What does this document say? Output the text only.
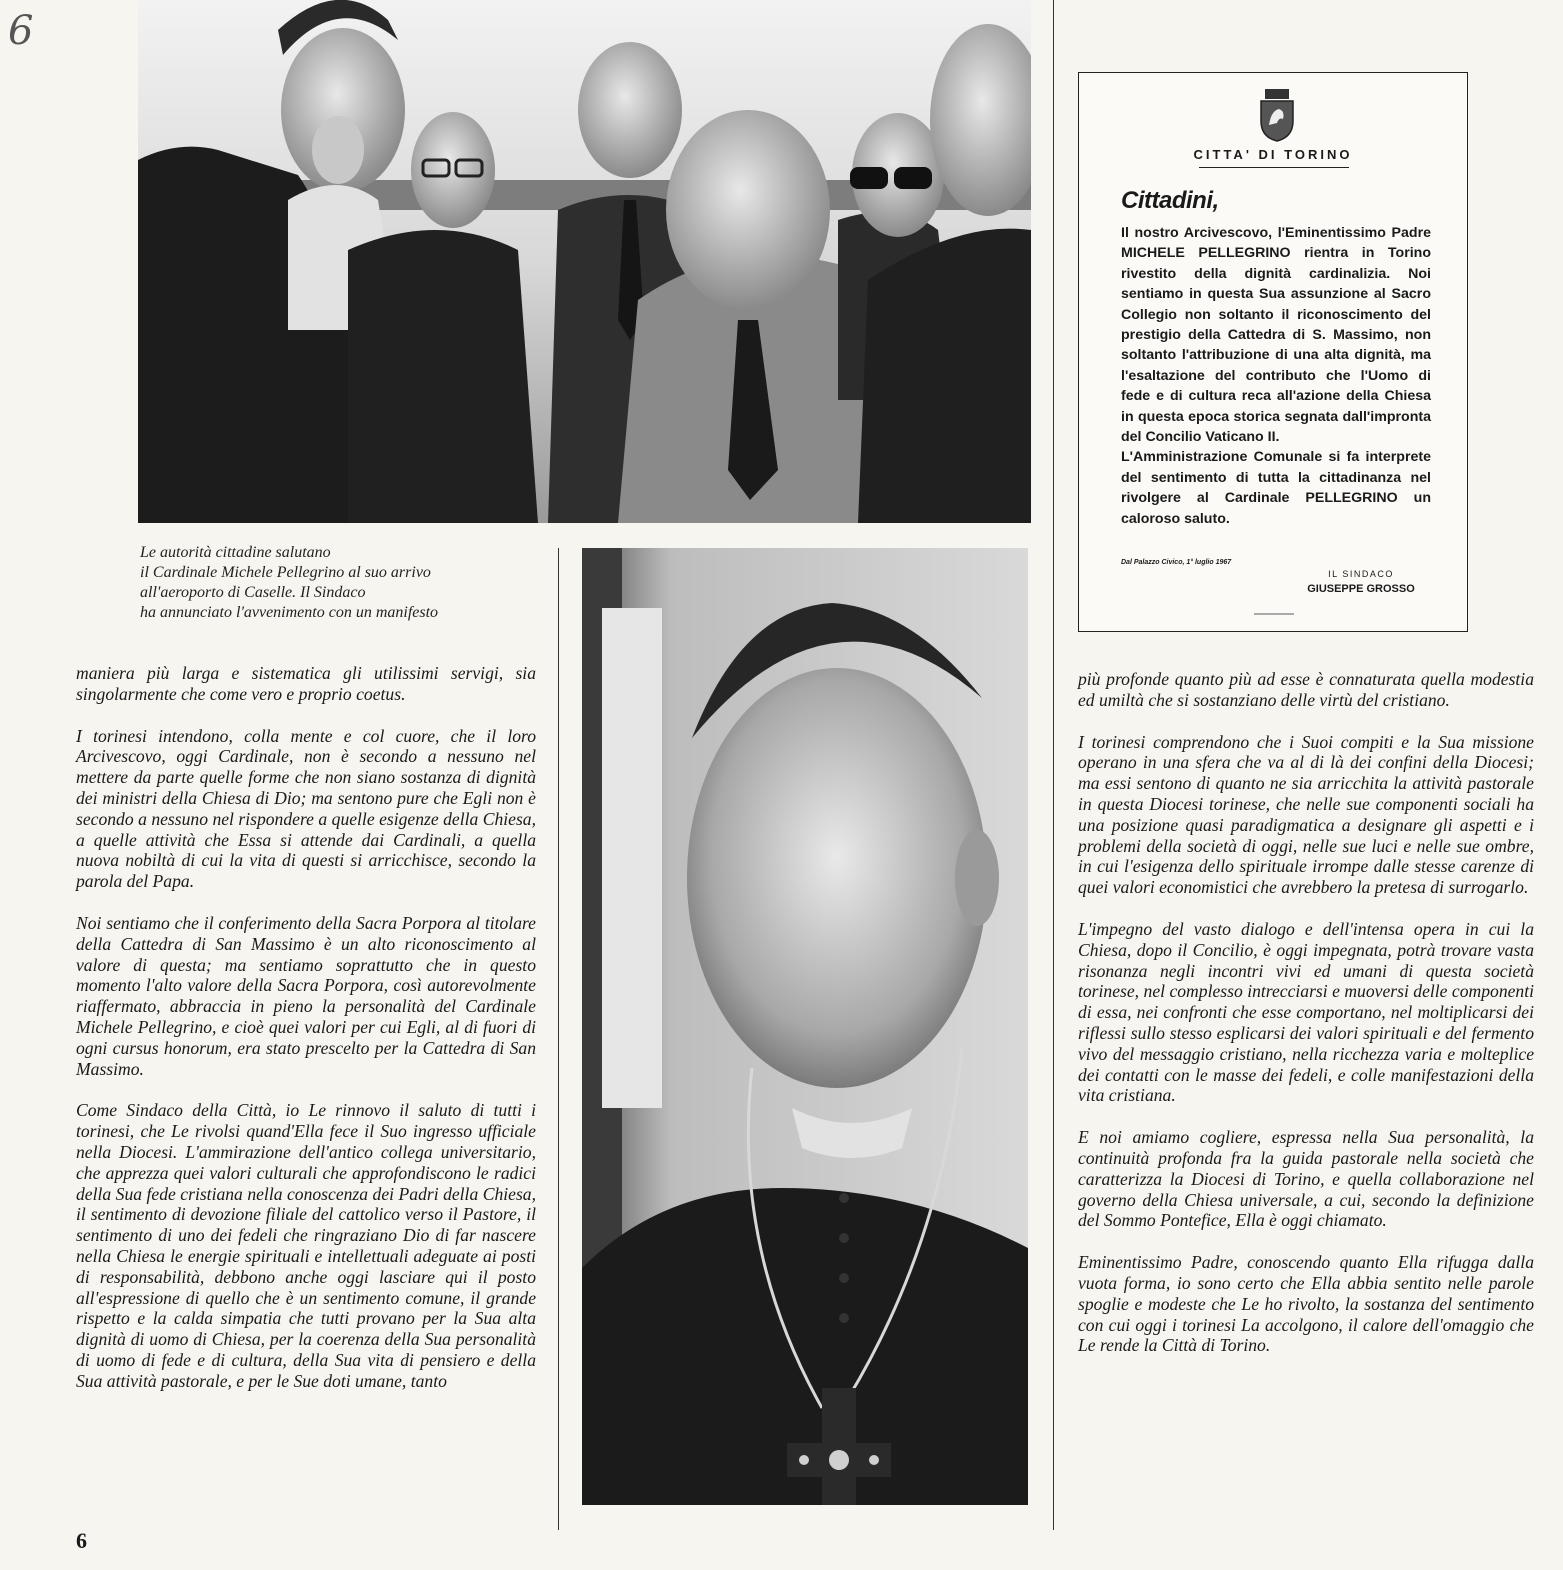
6

Le autorità cittadine salutano

il Cardinale Michele Pellegrino al suo arrivo

all'aeroporto di Caselle. Il Sindaco

ha annunciato l'avvenimento con un manifesto

CITTA' DI TORINO
Cittadini,

Il nostro Arcivescovo, l'Eminentissimo Padre MICHELE PELLEGRINO rientra in Torino rivestito della dignità cardinalizia. Noi sentiamo in questa Sua assunzione al Sacro Collegio non soltanto il riconoscimento del prestigio della Cattedra di S. Massimo, non soltanto l'attribuzione di una alta dignità, ma l'esaltazione del contributo che l'Uomo di fede e di cultura reca all'azione della Chiesa in questa epoca storica segnata dall'impronta del Concilio Vaticano II.

L'Amministrazione Comunale si fa interprete del sentimento di tutta la cittadinanza nel rivolgere al Cardinale PELLEGRINO un caloroso saluto.

Dal Palazzo Civico, 1° luglio 1967
IL SINDACO
GIUSEPPE GROSSO

maniera più larga e sistematica gli utilissimi servigi, sia singolarmente che come vero e proprio coetus.

I torinesi intendono, colla mente e col cuore, che il loro Arcivescovo, oggi Cardinale, non è secondo a nessuno nel mettere da parte quelle forme che non siano sostanza di dignità dei ministri della Chiesa di Dio; ma sentono pure che Egli non è secondo a nessuno nel rispondere a quelle esigenze della Chiesa, a quelle attività che Essa si attende dai Cardinali, a quella nuova nobiltà di cui la vita di questi si arricchisce, secondo la parola del Papa.

Noi sentiamo che il conferimento della Sacra Porpora al titolare della Cattedra di San Massimo è un alto riconoscimento al valore di questa; ma sentiamo soprattutto che in questo momento l'alto valore della Sacra Porpora, così autorevolmente riaffermato, abbraccia in pieno la personalità del Cardinale Michele Pellegrino, e cioè quei valori per cui Egli, al di fuori di ogni cursus honorum, era stato prescelto per la Cattedra di San Massimo.

Come Sindaco della Città, io Le rinnovo il saluto di tutti i torinesi, che Le rivolsi quand'Ella fece il Suo ingresso ufficiale nella Diocesi. L'ammirazione dell'antico collega universitario, che apprezza quei valori culturali che approfondiscono le radici della Sua fede cristiana nella conoscenza dei Padri della Chiesa, il sentimento di devozione filiale del cattolico verso il Pastore, il sentimento di uno dei fedeli che ringraziano Dio di far nascere nella Chiesa le energie spirituali e intellettuali adeguate ai posti di responsabilità, debbono anche oggi lasciare qui il posto all'espressione di quello che è un sentimento comune, il grande rispetto e la calda simpatia che tutti provano per la Sua alta dignità di uomo di Chiesa, per la coerenza della Sua personalità di uomo di fede e di cultura, della Sua vita di pensiero e della Sua attività pastorale, e per le Sue doti umane, tanto

più profonde quanto più ad esse è connaturata quella modestia ed umiltà che si sostanziano delle virtù del cristiano.

I torinesi comprendono che i Suoi compiti e la Sua missione operano in una sfera che va al di là dei confini della Diocesi; ma essi sentono di quanto ne sia arricchita la attività pastorale in questa Diocesi torinese, che nelle sue componenti sociali ha una posizione quasi paradigmatica a designare gli aspetti e i problemi della società di oggi, nelle sue luci e nelle sue ombre, in cui l'esigenza dello spirituale irrompe dalle stesse carenze di quei valori economistici che avrebbero la pretesa di surrogarlo.

L'impegno del vasto dialogo e dell'intensa opera in cui la Chiesa, dopo il Concilio, è oggi impegnata, potrà trovare vasta risonanza negli incontri vivi ed umani di questa società torinese, nel complesso intrecciarsi e muoversi delle componenti di essa, nei confronti che esse comportano, nel moltiplicarsi dei riflessi sullo stesso esplicarsi dei valori spirituali e del fermento vivo del messaggio cristiano, nella ricchezza varia e molteplice dei contatti con le masse dei fedeli, e colle manifestazioni della vita cristiana.

E noi amiamo cogliere, espressa nella Sua personalità, la continuità profonda fra la guida pastorale nella società che caratterizza la Diocesi di Torino, e quella collaborazione nel governo della Chiesa universale, a cui, secondo la definizione del Sommo Pontefice, Ella è oggi chiamato.

Eminentissimo Padre, conoscendo quanto Ella rifugga dalla vuota forma, io sono certo che Ella abbia sentito nelle parole spoglie e modeste che Le ho rivolto, la sostanza del sentimento con cui oggi i torinesi La accolgono, il calore dell'omaggio che Le rende la Città di Torino.

6
